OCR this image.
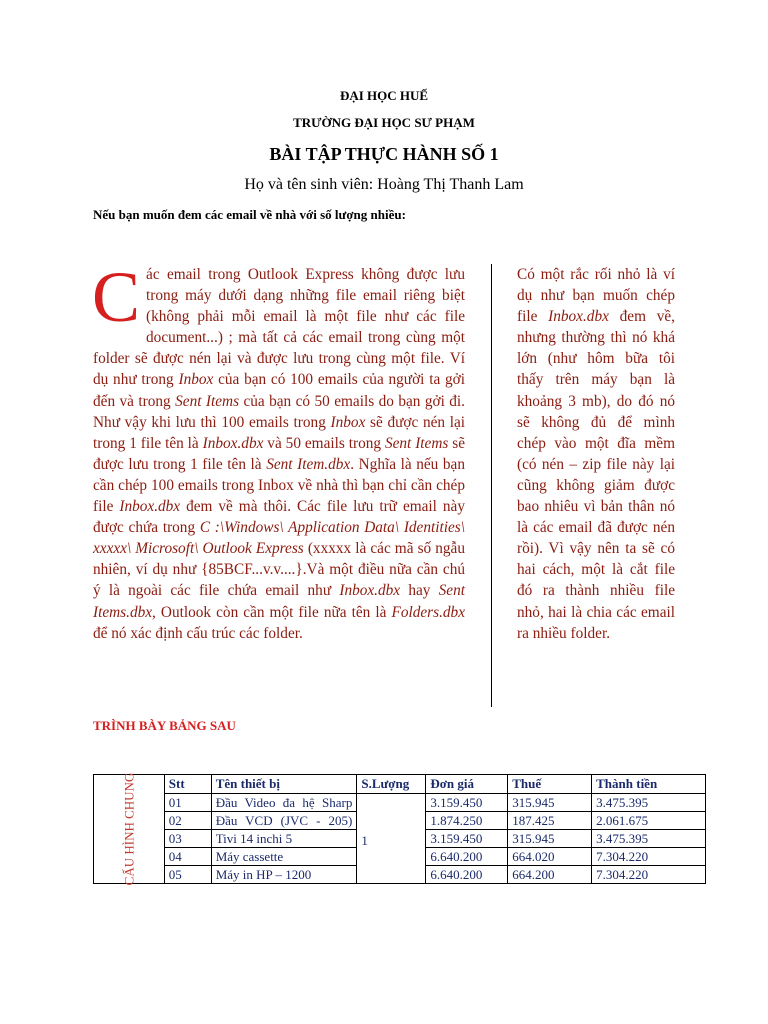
ĐẠI HỌC HUẾ
TRƯỜNG ĐẠI HỌC SƯ PHẠM
BÀI TẬP THỰC HÀNH SỐ 1
Họ và tên sinh viên: Hoàng Thị Thanh Lam
Nếu bạn muốn đem các email về nhà với số lượng nhiều:
C ác email trong Outlook Express không được lưu trong máy dưới dạng những file email riêng biệt (không phải mỗi email là một file như các file document...) ; mà tất cả các email trong cùng một folder sẽ được nén lại và được lưu trong cùng một file. Ví dụ như trong Inbox của bạn có 100 emails của người ta gởi đến và trong Sent Items của bạn có 50 emails do bạn gởi đi. Như vậy khi lưu thì 100 emails trong Inbox sẽ được nén lại trong 1 file tên là Inbox.dbx và 50 emails trong Sent Items sẽ được lưu trong 1 file tên là Sent Item.dbx. Nghĩa là nếu bạn cần chép 100 emails trong Inbox về nhà thì bạn chỉ cần chép file Inbox.dbx đem về mà thôi. Các file lưu trữ email này được chứa trong C :\Windows\ Application Data\ Identities\ xxxxx\ Microsoft\ Outlook Express (xxxxx là các mã số ngẫu nhiên, ví dụ như {85BCF...v.v....}.Và một điều nữa cần chú ý là ngoài các file chứa email như Inbox.dbx hay Sent Items.dbx, Outlook còn cần một file nữa tên là Folders.dbx để nó xác định cấu trúc các folder.
Có một rắc rối nhỏ là ví dụ như bạn muốn chép file Inbox.dbx đem về, nhưng thường thì nó khá lớn (như hôm bữa tôi thấy trên máy bạn là khoảng 3 mb), do đó nó sẽ không đủ để mình chép vào một đĩa mềm (có nén – zip file này lại cũng không giảm được bao nhiêu vì bản thân nó là các email đã được nén rồi). Vì vậy nên ta sẽ có hai cách, một là cắt file đó ra thành nhiều file nhỏ, hai là chia các email ra nhiều folder.
TRÌNH BÀY BẢNG SAU
CẤU HÌNH CHUNG	Stt	Tên thiết bị	S.Lượng	Đơn giá	Thuế	Thành tiền
	01	Đầu Video đa hệ Sharp	1	3.159.450	315.945	3.475.395
	02	Đầu VCD (JVC - 205)		1.874.250	187.425	2.061.675
	03	Tivi 14 inchi 5		3.159.450	315.945	3.475.395
	04	Máy cassette		6.640.200	664.020	7.304.220
	05	Máy in HP – 1200		6.640.200	664.200	7.304.220
